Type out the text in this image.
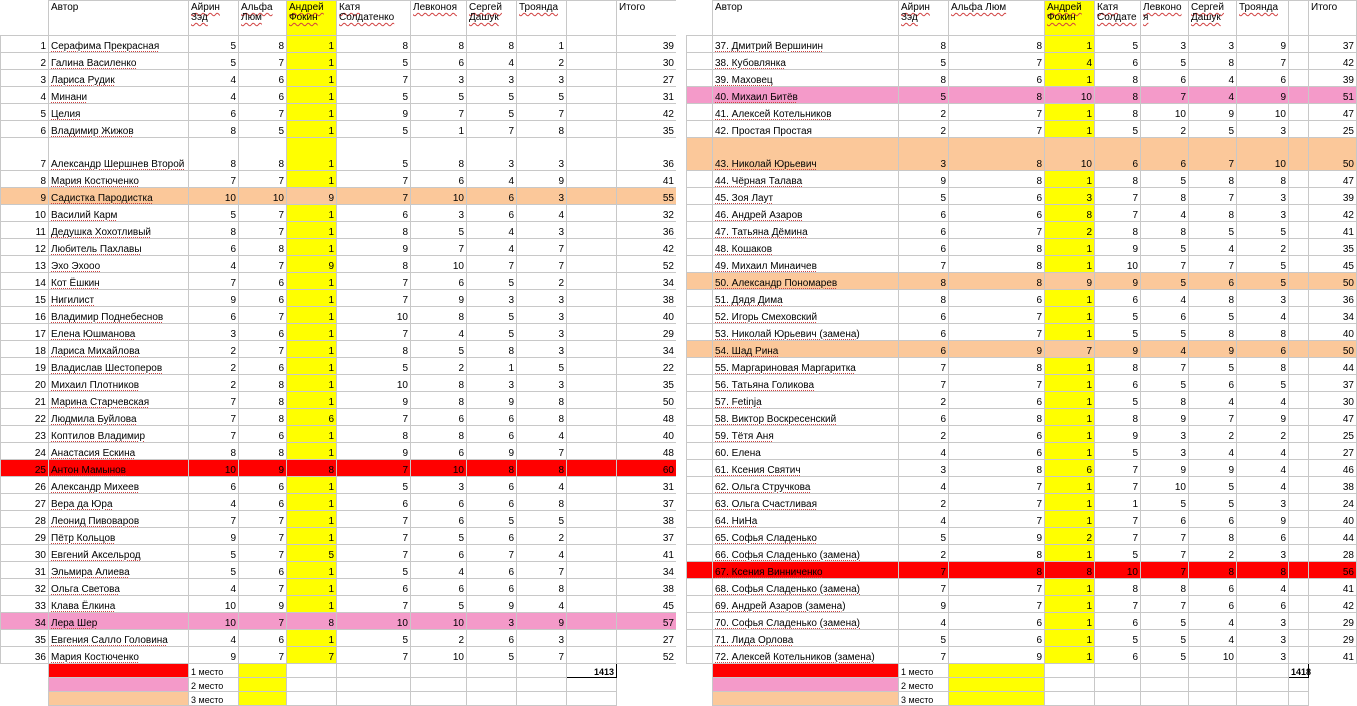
	Автор	Айрин Зэд	Альфа Люм	Андрей Фокин	Катя Солдатенко	Левконоя	Сергей Дашук	Троянда		Итого
1	Серафима Прекрасная	5	8	1	8	8	8	1		39
2	Галина Василенко	5	7	1	5	6	4	2		30
3	Лариса Рудик	4	6	1	7	3	3	3		27
4	Минани	4	6	1	5	5	5	5		31
5	Целия	6	7	1	9	7	5	7		42
6	Владимир Жижов	8	5	1	5	1	7	8		35
7	Александр Шершнев Второй	8	8	1	5	8	3	3		36
8	Мария Костюченко	7	7	1	7	6	4	9		41
9	Садистка Пародистка	10	10	9	7	10	6	3		55
10	Василий Карм	5	7	1	6	3	6	4		32
11	Дедушка Хохотливый	8	7	1	8	5	4	3		36
12	Любитель Пахлавы	6	8	1	9	7	4	7		42
13	Эхо Эхооо	4	7	9	8	10	7	7		52
14	Кот Ёшкин	7	6	1	7	6	5	2		34
15	Нигилист	9	6	1	7	9	3	3		38
16	Владимир Поднебеснов	6	7	1	10	8	5	3		40
17	Елена Юшманова	3	6	1	7	4	5	3		29
18	Лариса Михайлова	2	7	1	8	5	8	3		34
19	Владислав Шестоперов	2	6	1	5	2	1	5		22
20	Михаил Плотников	2	8	1	10	8	3	3		35
21	Марина Старчевская	7	8	1	9	8	9	8		50
22	Людмила Буйлова	7	8	6	7	6	6	8		48
23	Коптилов Владимир	7	6	1	8	8	6	4		40
24	Анастасия Ескина	8	8	1	9	6	9	7		48
25	Антон Мамынов	10	9	8	7	10	8	8		60
26	Александр Михеев	6	6	1	5	3	6	4		31
27	Вера да Юра	4	6	1	6	6	6	8		37
28	Леонид Пивоваров	7	7	1	7	6	5	5		38
29	Пётр Кольцов	9	7	1	7	5	6	2		37
30	Евгений Аксельрод	5	7	5	7	6	7	4		41
31	Эльмира Алиева	5	6	1	5	4	6	7		34
32	Ольга Светова	4	7	1	6	6	6	8		38
33	Клава Ёлкина	10	9	1	7	5	9	4		45
34	Лера Шер	10	7	8	10	10	3	9		57
35	Евгения Салло Головина	4	6	1	5	2	6	3		27
36	Мария Костюченко	9	7	7	7	10	5	7		52
		1 место							1413	
		2 место								
		3 место								
	Автор	Айрин Зэд	Альфа Люм	Андрей Фокин	Катя Солдате	Левконо я	Сергей Дашук	Троянда		Итого
	37. Дмитрий Вершинин	8	8	1	5	3	3	9		37
	38. Кубовлянка	5	7	4	6	5	8	7		42
	39. Маховец	8	6	1	8	6	4	6		39
	40. Михаил Битёв	5	8	10	8	7	4	9		51
	41. Алексей Котельников	2	7	1	8	10	9	10		47
	42. Простая Простая	2	7	1	5	2	5	3		25
	43. Николай Юрьевич	3	8	10	6	6	7	10		50
	44. Чёрная Талава	9	8	1	8	5	8	8		47
	45. Зоя Лаут	5	6	3	7	8	7	3		39
	46. Андрей Азаров	6	6	8	7	4	8	3		42
	47. Татьяна Дёмина	6	7	2	8	8	5	5		41
	48. Кошаков	6	8	1	9	5	4	2		35
	49. Михаил Минаичев	7	8	1	10	7	7	5		45
	50. Александр Пономарев	8	8	9	9	5	6	5		50
	51. Дядя Дима	8	6	1	6	4	8	3		36
	52. Игорь Смеховский	6	7	1	5	6	5	4		34
	53. Николай Юрьевич (замена)	6	7	1	5	5	8	8		40
	54. Шад Рина	6	9	7	9	4	9	6		50
	55. Маргариновая Маргаритка	7	8	1	8	7	5	8		44
	56. Татьяна Голикова	7	7	1	6	5	6	5		37
	57. Fetinja	2	6	1	5	8	4	4		30
	58. Виктор Воскресенский	6	8	1	8	9	7	9		47
	59. Тётя Аня	2	6	1	9	3	2	2		25
	60. Елена	4	6	1	5	3	4	4		27
	61. Ксения Святич	3	8	6	7	9	9	4		46
	62. Ольга Стручкова	4	7	1	7	10	5	4		38
	63. Ольга Счастливая	2	7	1	1	5	5	3		24
	64. НиНа	4	7	1	7	6	6	9		40
	65. Софья Сладенько	5	9	2	7	7	8	6		44
	66. Софья Сладенько (замена)	2	8	1	5	7	2	3		28
	67. Ксения Винниченко	7	8	8	10	7	8	8		56
	68. Софья Сладенько (замена)	7	7	1	8	8	6	4		41
	69. Андрей Азаров (замена)	9	7	1	7	7	6	6		42
	70. Софья Сладенько (замена)	4	6	1	6	5	4	3		29
	71. Лида Орлова	5	6	1	5	5	4	3		29
	72. Алексей Котельников (замена)	7	9	1	6	5	10	3		41
		1 место							1418	
		2 место								
		3 место								
